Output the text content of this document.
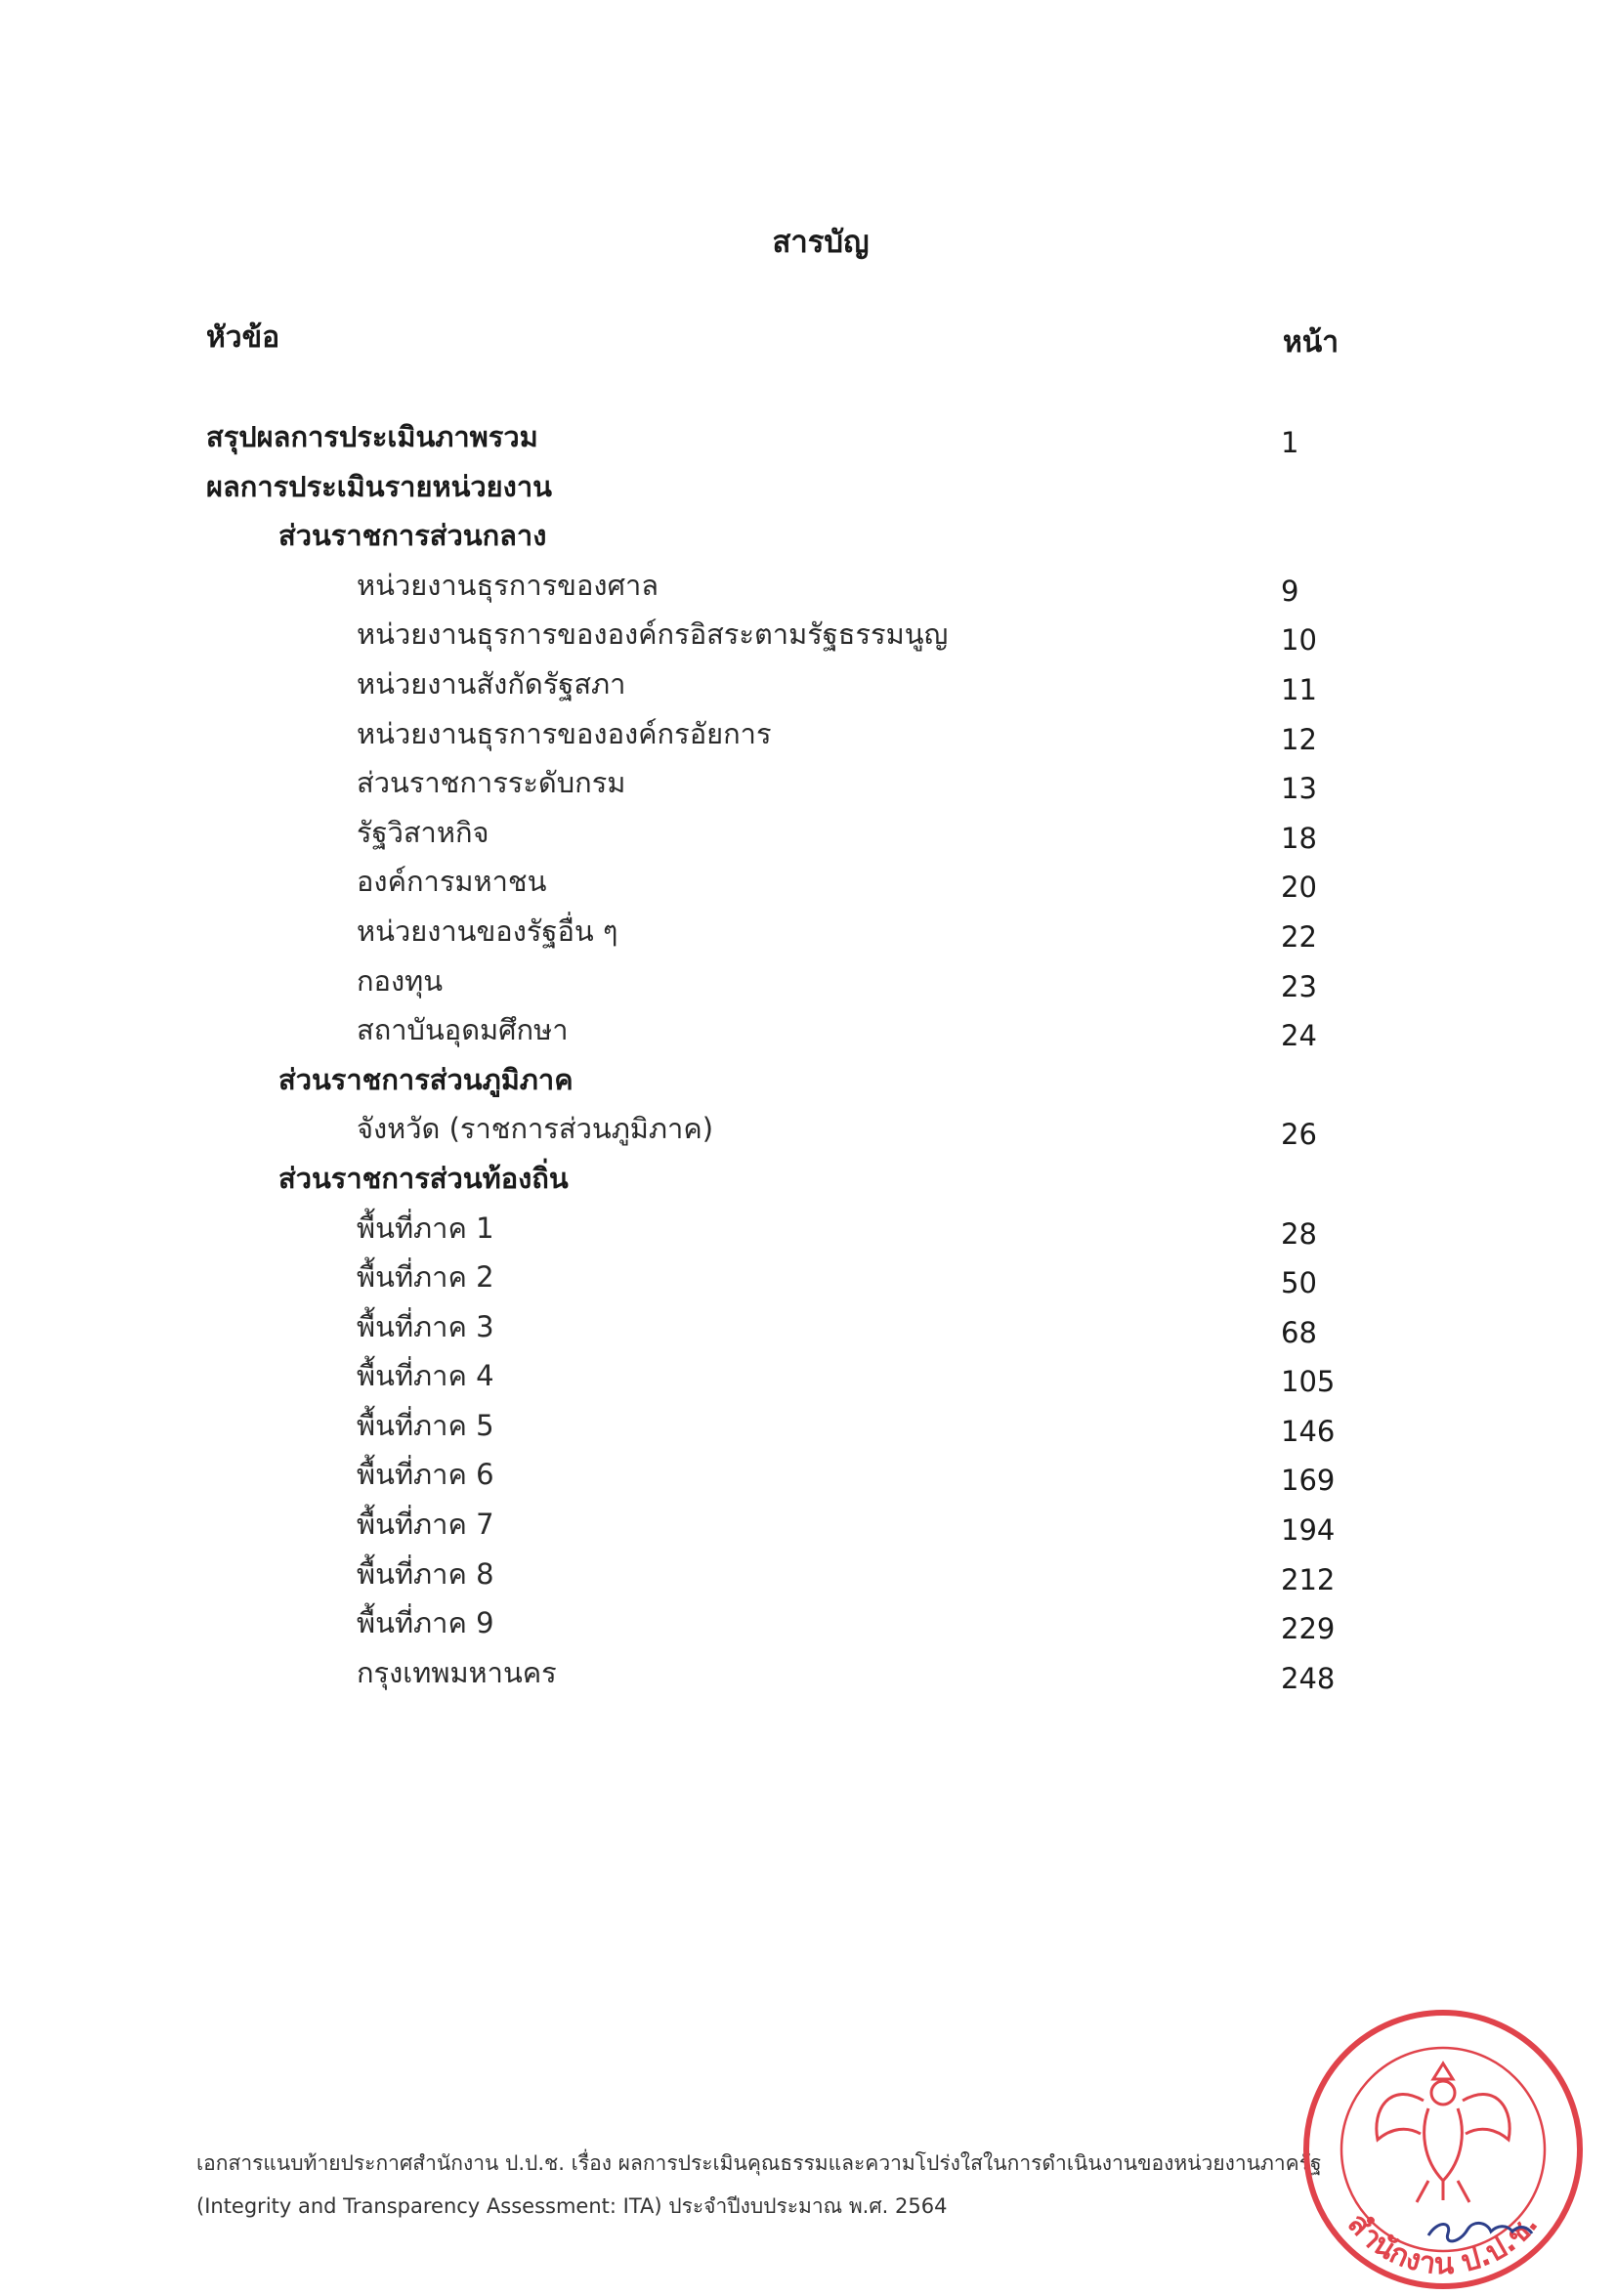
สารบัญ
หัวข้อ	หน้า
สรุปผลการประเมินภาพรวม	1
ผลการประเมินรายหน่วยงาน
ส่วนราชการส่วนกลาง
หน่วยงานธุรการของศาล	9
หน่วยงานธุรการขององค์กรอิสระตามรัฐธรรมนูญ	10
หน่วยงานสังกัดรัฐสภา	11
หน่วยงานธุรการขององค์กรอัยการ	12
ส่วนราชการระดับกรม	13
รัฐวิสาหกิจ	18
องค์การมหาชน	20
หน่วยงานของรัฐอื่น ๆ	22
กองทุน	23
สถาบันอุดมศึกษา	24
ส่วนราชการส่วนภูมิภาค
จังหวัด (ราชการส่วนภูมิภาค)	26
ส่วนราชการส่วนท้องถิ่น
พื้นที่ภาค 1	28
พื้นที่ภาค 2	50
พื้นที่ภาค 3	68
พื้นที่ภาค 4	105
พื้นที่ภาค 5	146
พื้นที่ภาค 6	169
พื้นที่ภาค 7	194
พื้นที่ภาค 8	212
พื้นที่ภาค 9	229
กรุงเทพมหานคร	248
เอกสารแนบท้ายประกาศสำนักงาน ป.ป.ช. เรื่อง ผลการประเมินคุณธรรมและความโปร่งใสในการดำเนินงานของหน่วยงานภาครัฐ
(Integrity and Transparency Assessment: ITA) ประจำปีงบประมาณ พ.ศ. 2564
สำนักงาน ป.ป.ช.
